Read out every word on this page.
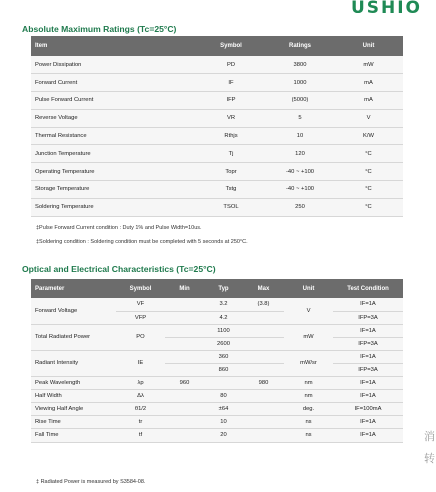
USHIO
Absolute Maximum Ratings (Tc=25°C)
Item	Symbol	Ratings	Unit
Power Dissipation	PD	3800	mW
Forward Current	IF	1000	mA
Pulse Forward Current	IFP	(5000)	mA
Reverse Voltage	VR	5	V
Thermal Resistance	Rthjs	10	K/W
Junction Temperature	Tj	120	°C
Operating Temperature	Topr	-40 ~ +100	°C
Storage Temperature	Tstg	-40 ~ +100	°C
Soldering Temperature	TSOL	250	°C
‡Pulse Forward Current condition : Duty 1% and Pulse Width=10us.
‡Soldering condition : Soldering condition must be completed with 5 seconds at 250°C.
Optical and Electrical Characteristics (Tc=25°C)
Parameter	Symbol	Min	Typ	Max	Unit	Test Condition
Forward Voltage	VF		3.2	(3.8)	V	IF=1A
	VFP		4.2			IFP=3A
Total Radiated Power	PO		1100		mW	IF=1A
			2600			IFP=3A
Radiant Intensity	IE		360		mW/sr	IF=1A
			860			IFP=3A
Peak Wavelength	λp	960		980	nm	IF=1A
Half Width	Δλ		80		nm	IF=1A
Viewing Half Angle	θ1/2		±64		deg.	IF=100mA
Rise Time	tr		10		ns	IF=1A
Fall Time	tf		20		ns	IF=1A
‡ Radiated Power is measured by S3584-08.
消
转
